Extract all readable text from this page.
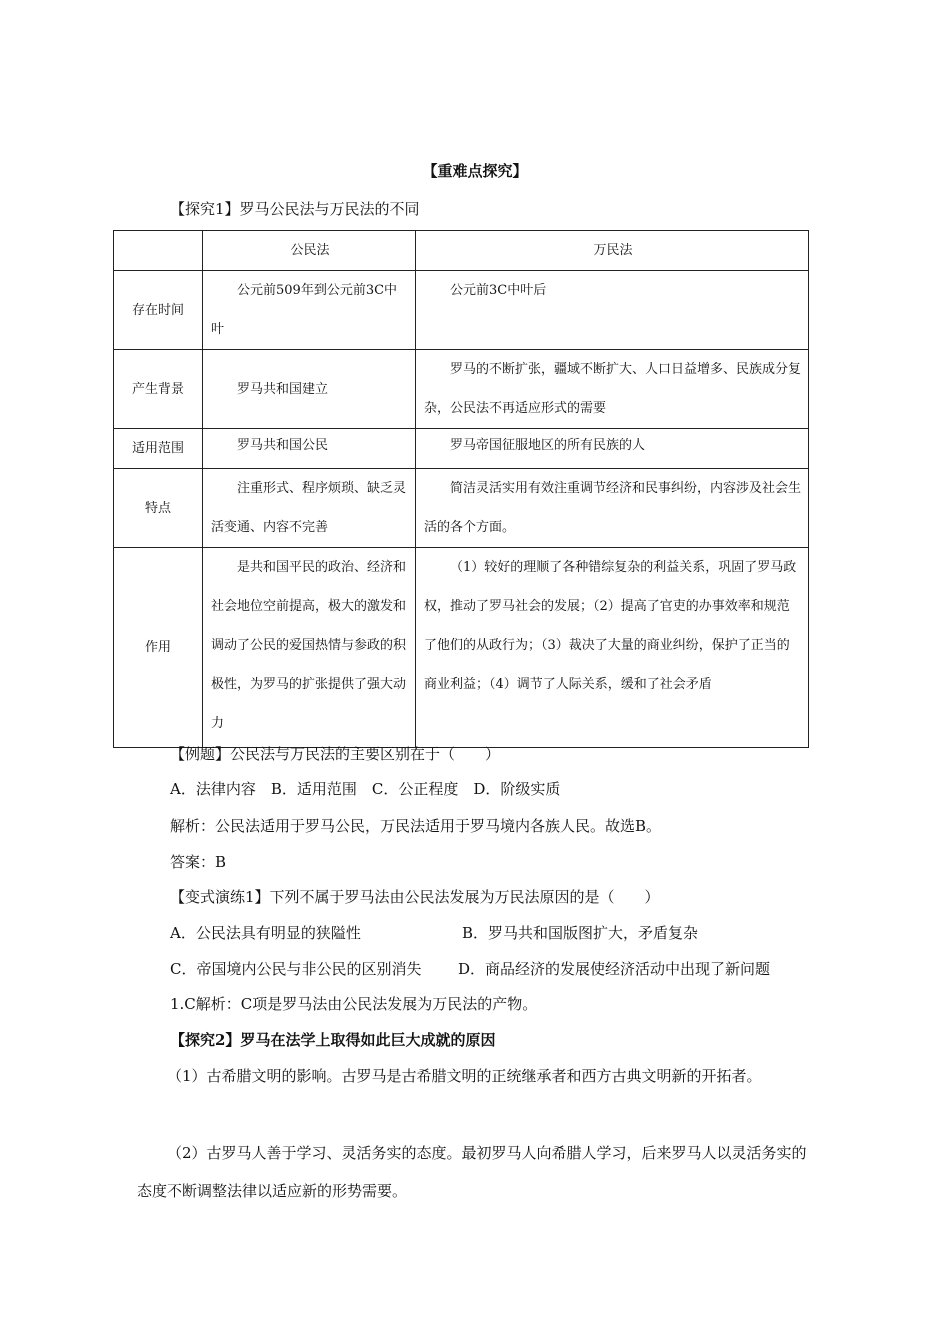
【重难点探究】
【探究1】罗马公民法与万民法的不同
	公民法	万民法
存在时间	公元前509年到公元前3C中叶	公元前3C中叶后
产生背景	罗马共和国建立	罗马的不断扩张，疆域不断扩大、人口日益增多、民族成分复杂，公民法不再适应形式的需要
适用范围	罗马共和国公民	罗马帝国征服地区的所有民族的人
特点	注重形式、程序烦琐、缺乏灵活变通、内容不完善	简洁灵活实用有效注重调节经济和民事纠纷，内容涉及社会生活的各个方面。
作用	是共和国平民的政治、经济和社会地位空前提高，极大的激发和调动了公民的爱国热情与参政的积极性，为罗马的扩张提供了强大动力	（1）较好的理顺了各种错综复杂的利益关系，巩固了罗马政权，推动了罗马社会的发展；（2）提高了官吏的办事效率和规范了他们的从政行为；（3）裁决了大量的商业纠纷，保护了正当的商业利益；（4）调节了人际关系，缓和了社会矛盾
【例题】公民法与万民法的主要区别在于（　　）
A．法律内容　B．适用范围　C．公正程度　D．阶级实质
解析：公民法适用于罗马公民，万民法适用于罗马境内各族人民。故选B。
答案：B
【变式演练1】下列不属于罗马法由公民法发展为万民法原因的是（　　）
A．公民法具有明显的狭隘性	B．罗马共和国版图扩大，矛盾复杂
C．帝国境内公民与非公民的区别消失 D．商品经济的发展使经济活动中出现了新问题
1.C解析：C项是罗马法由公民法发展为万民法的产物。
【探究2】罗马在法学上取得如此巨大成就的原因
（1）古希腊文明的影响。古罗马是古希腊文明的正统继承者和西方古典文明新的开拓者。
（2）古罗马人善于学习、灵活务实的态度。最初罗马人向希腊人学习，后来罗马人以灵活务实的态度不断调整法律以适应新的形势需要。
